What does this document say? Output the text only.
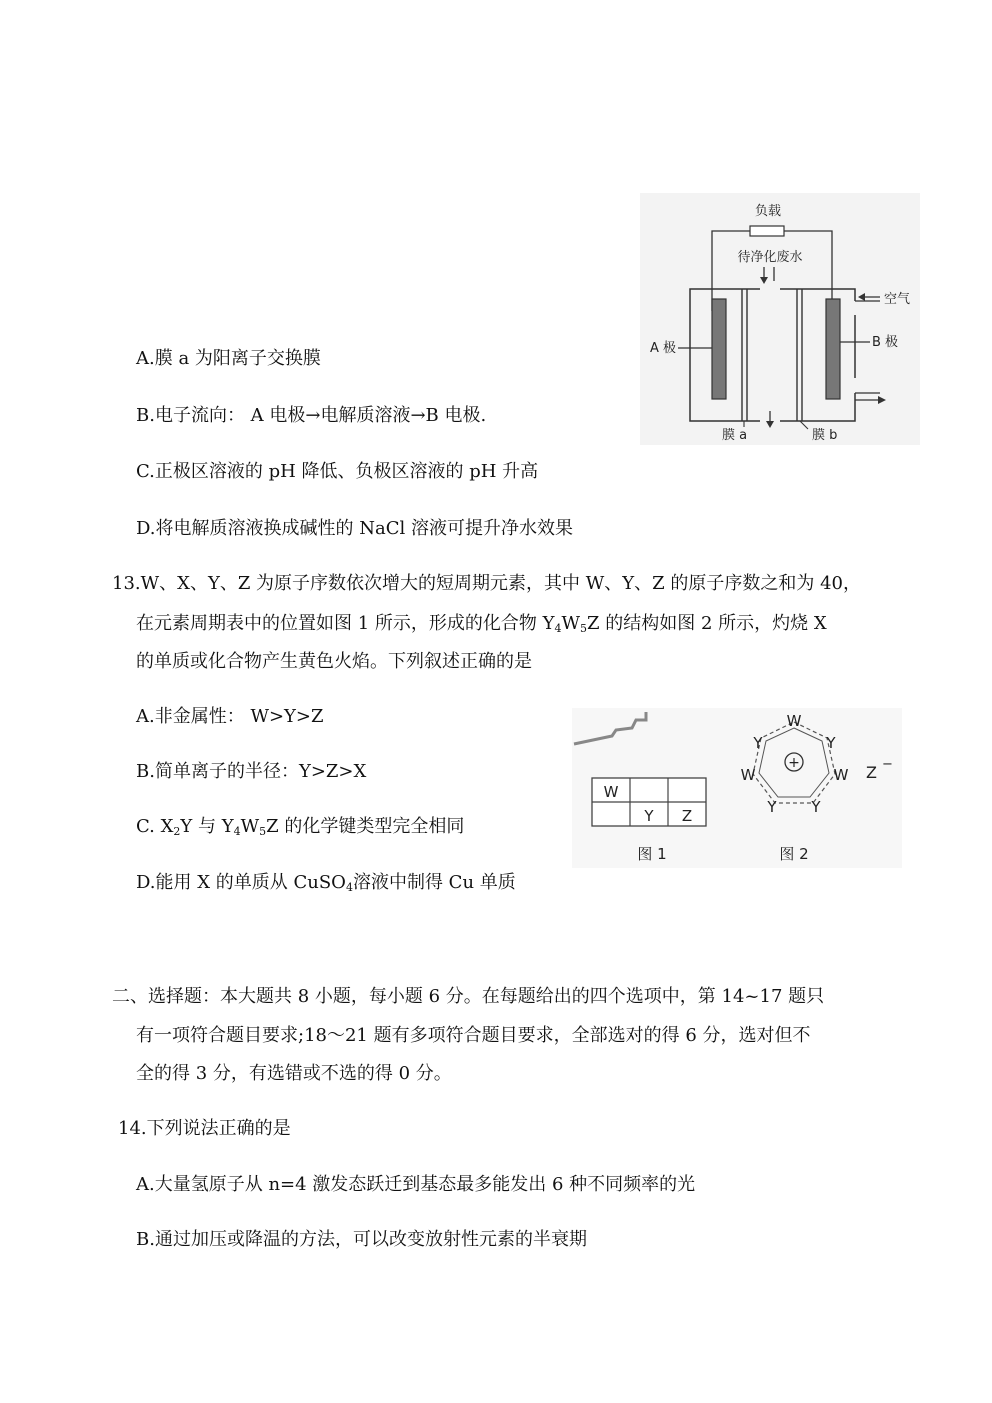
A.膜 a 为阳离子交换膜
B.电子流向： A 电极→电解质溶液→B 电极.
C.正极区溶液的 pH 降低、负极区溶液的 pH 升高
D.将电解质溶液换成碱性的 NaCl 溶液可提升净水效果
负载
待净化废水
空气
A 极	B 极
膜 a	膜 b
13.W、X、Y、Z 为原子序数依次增大的短周期元素，其中 W、Y、Z 的原子序数之和为 40，
在元素周期表中的位置如图 1 所示，形成的化合物 $Y_4W_5Z$ 的结构如图 2 所示，灼烧 X
的单质或化合物产生黄色火焰。下列叙述正确的是
A.非金属性： W>Y>Z
B.简单离子的半径：Y>Z>X
C. $X_2Y$ 与 $Y_4W_5Z$ 的化学键类型完全相同
D.能用 X 的单质从 CuSO$_4$溶液中制得 Cu 单质
W
Y Z
图 1
+
W
Y
W
Y
Y
W
Y
Z −
图 2
二、选择题：本大题共 8 小题，每小题 6 分。在每题给出的四个选项中，第 14~17 题只
有一项符合题目要求;18～21 题有多项符合题目要求，全部选对的得 6 分，选对但不
全的得 3 分，有选错或不选的得 0 分。
14.下列说法正确的是
A.大量氢原子从 n=4 激发态跃迁到基态最多能发出 6 种不同频率的光
B.通过加压或降温的方法，可以改变放射性元素的半衰期
